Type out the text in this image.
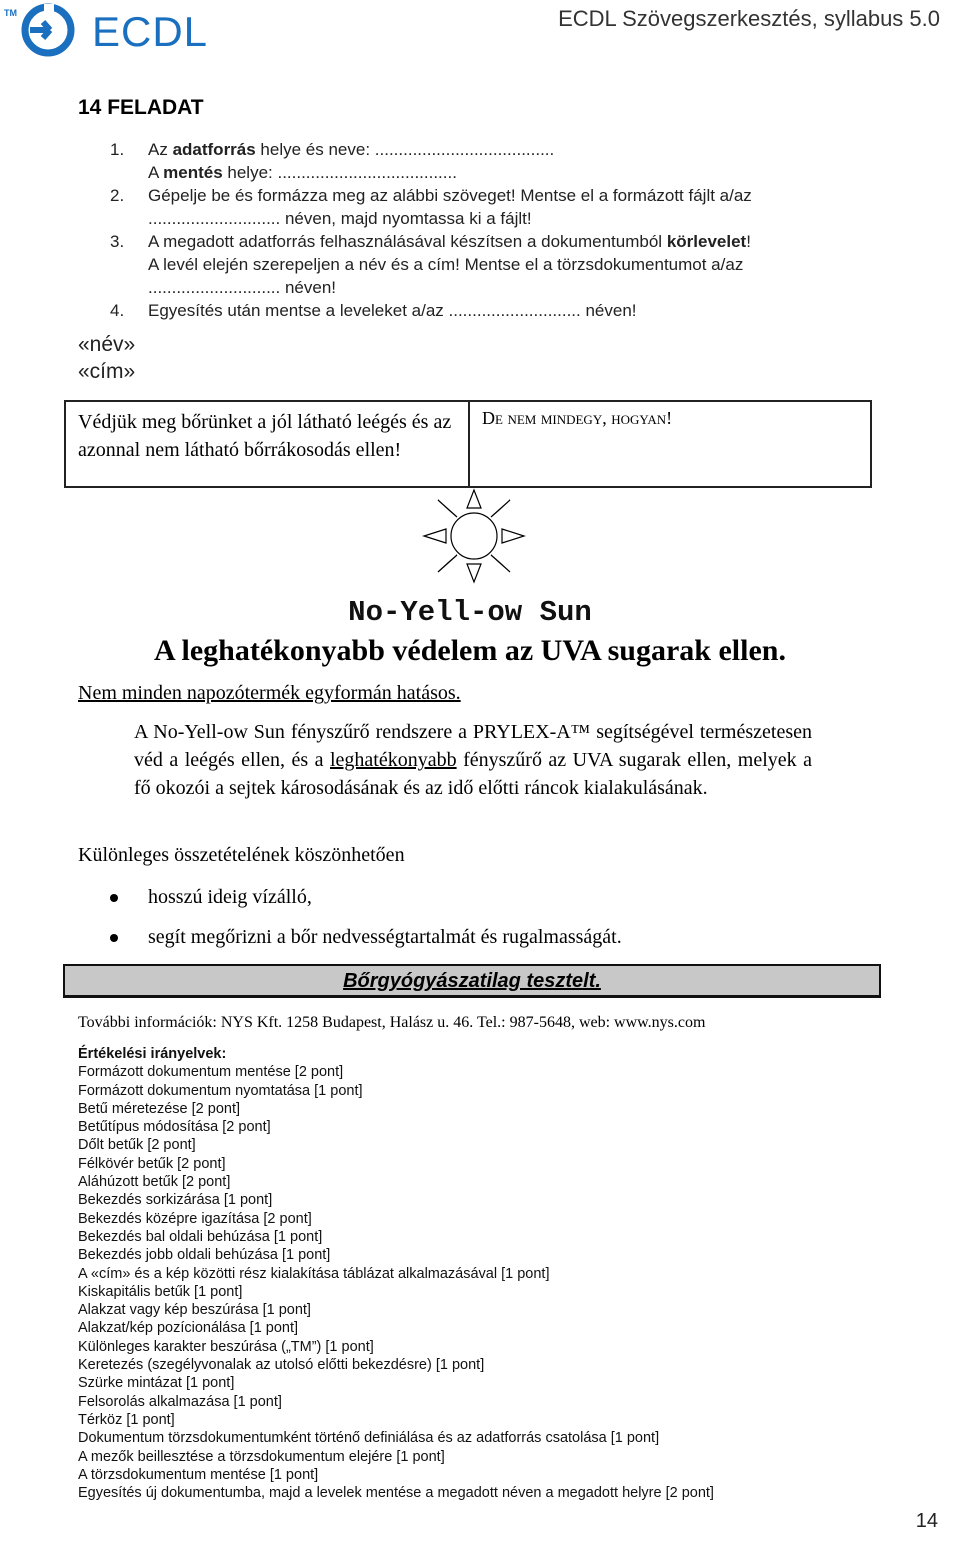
TM ECDL	ECDL Szövegszerkesztés, syllabus 5.0
14 FELADAT
1. Az adatforrás helye és neve: ......................................
A mentés helye: ......................................
2. Gépelje be és formázza meg az alábbi szöveget! Mentse el a formázott fájlt a/az
............................ néven, majd nyomtassa ki a fájlt!
3. A megadott adatforrás felhasználásával készítsen a dokumentumból körlevelet!
A levél elején szerepeljen a név és a cím! Mentse el a törzsdokumentumot a/az
............................ néven!
4. Egyesítés után mentse a leveleket a/az ............................ néven!
«név»
«cím»
Védjük meg bőrünket a jól látható leégés és az azonnal nem látható bőrrákosodás ellen!	De nem mindegy, hogyan!
No-Yell-ow Sun
A leghatékonyabb védelem az UVA sugarak ellen.
Nem minden napozótermék egyformán hatásos.
A No-Yell-ow Sun fényszűrő rendszere a PRYLEX-A™ segítségével természetesen véd a leégés ellen, és a leghatékonyabb fényszűrő az UVA sugarak ellen, melyek a fő okozói a sejtek károsodásának és az idő előtti ráncok kialakulásának.
Különleges összetételének köszönhetően
hosszú ideig vízálló,
segít megőrizni a bőr nedvességtartalmát és rugalmasságát.
Bőrgyógyászatilag tesztelt.
További információk: NYS Kft. 1258 Budapest, Halász u. 46. Tel.: 987-5648, web: www.nys.com
Értékelési irányelvek:
Formázott dokumentum mentése [2 pont]
Formázott dokumentum nyomtatása [1 pont]
Betű méretezése [2 pont]
Betűtípus módosítása [2 pont]
Dőlt betűk [2 pont]
Félkövér betűk [2 pont]
Aláhúzott betűk [2 pont]
Bekezdés sorkizárása [1 pont]
Bekezdés középre igazítása [2 pont]
Bekezdés bal oldali behúzása [1 pont]
Bekezdés jobb oldali behúzása [1 pont]
A «cím» és a kép közötti rész kialakítása táblázat alkalmazásával [1 pont]
Kiskapitális betűk [1 pont]
Alakzat vagy kép beszúrása [1 pont]
Alakzat/kép pozícionálása [1 pont]
Különleges karakter beszúrása („TM”) [1 pont]
Keretezés (szegélyvonalak az utolsó előtti bekezdésre) [1 pont]
Szürke mintázat [1 pont]
Felsorolás alkalmazása [1 pont]
Térköz [1 pont]
Dokumentum törzsdokumentumként történő definiálása és az adatforrás csatolása [1 pont]
A mezők beillesztése a törzsdokumentum elejére [1 pont]
A törzsdokumentum mentése [1 pont]
Egyesítés új dokumentumba, majd a levelek mentése a megadott néven a megadott helyre [2 pont]
14
